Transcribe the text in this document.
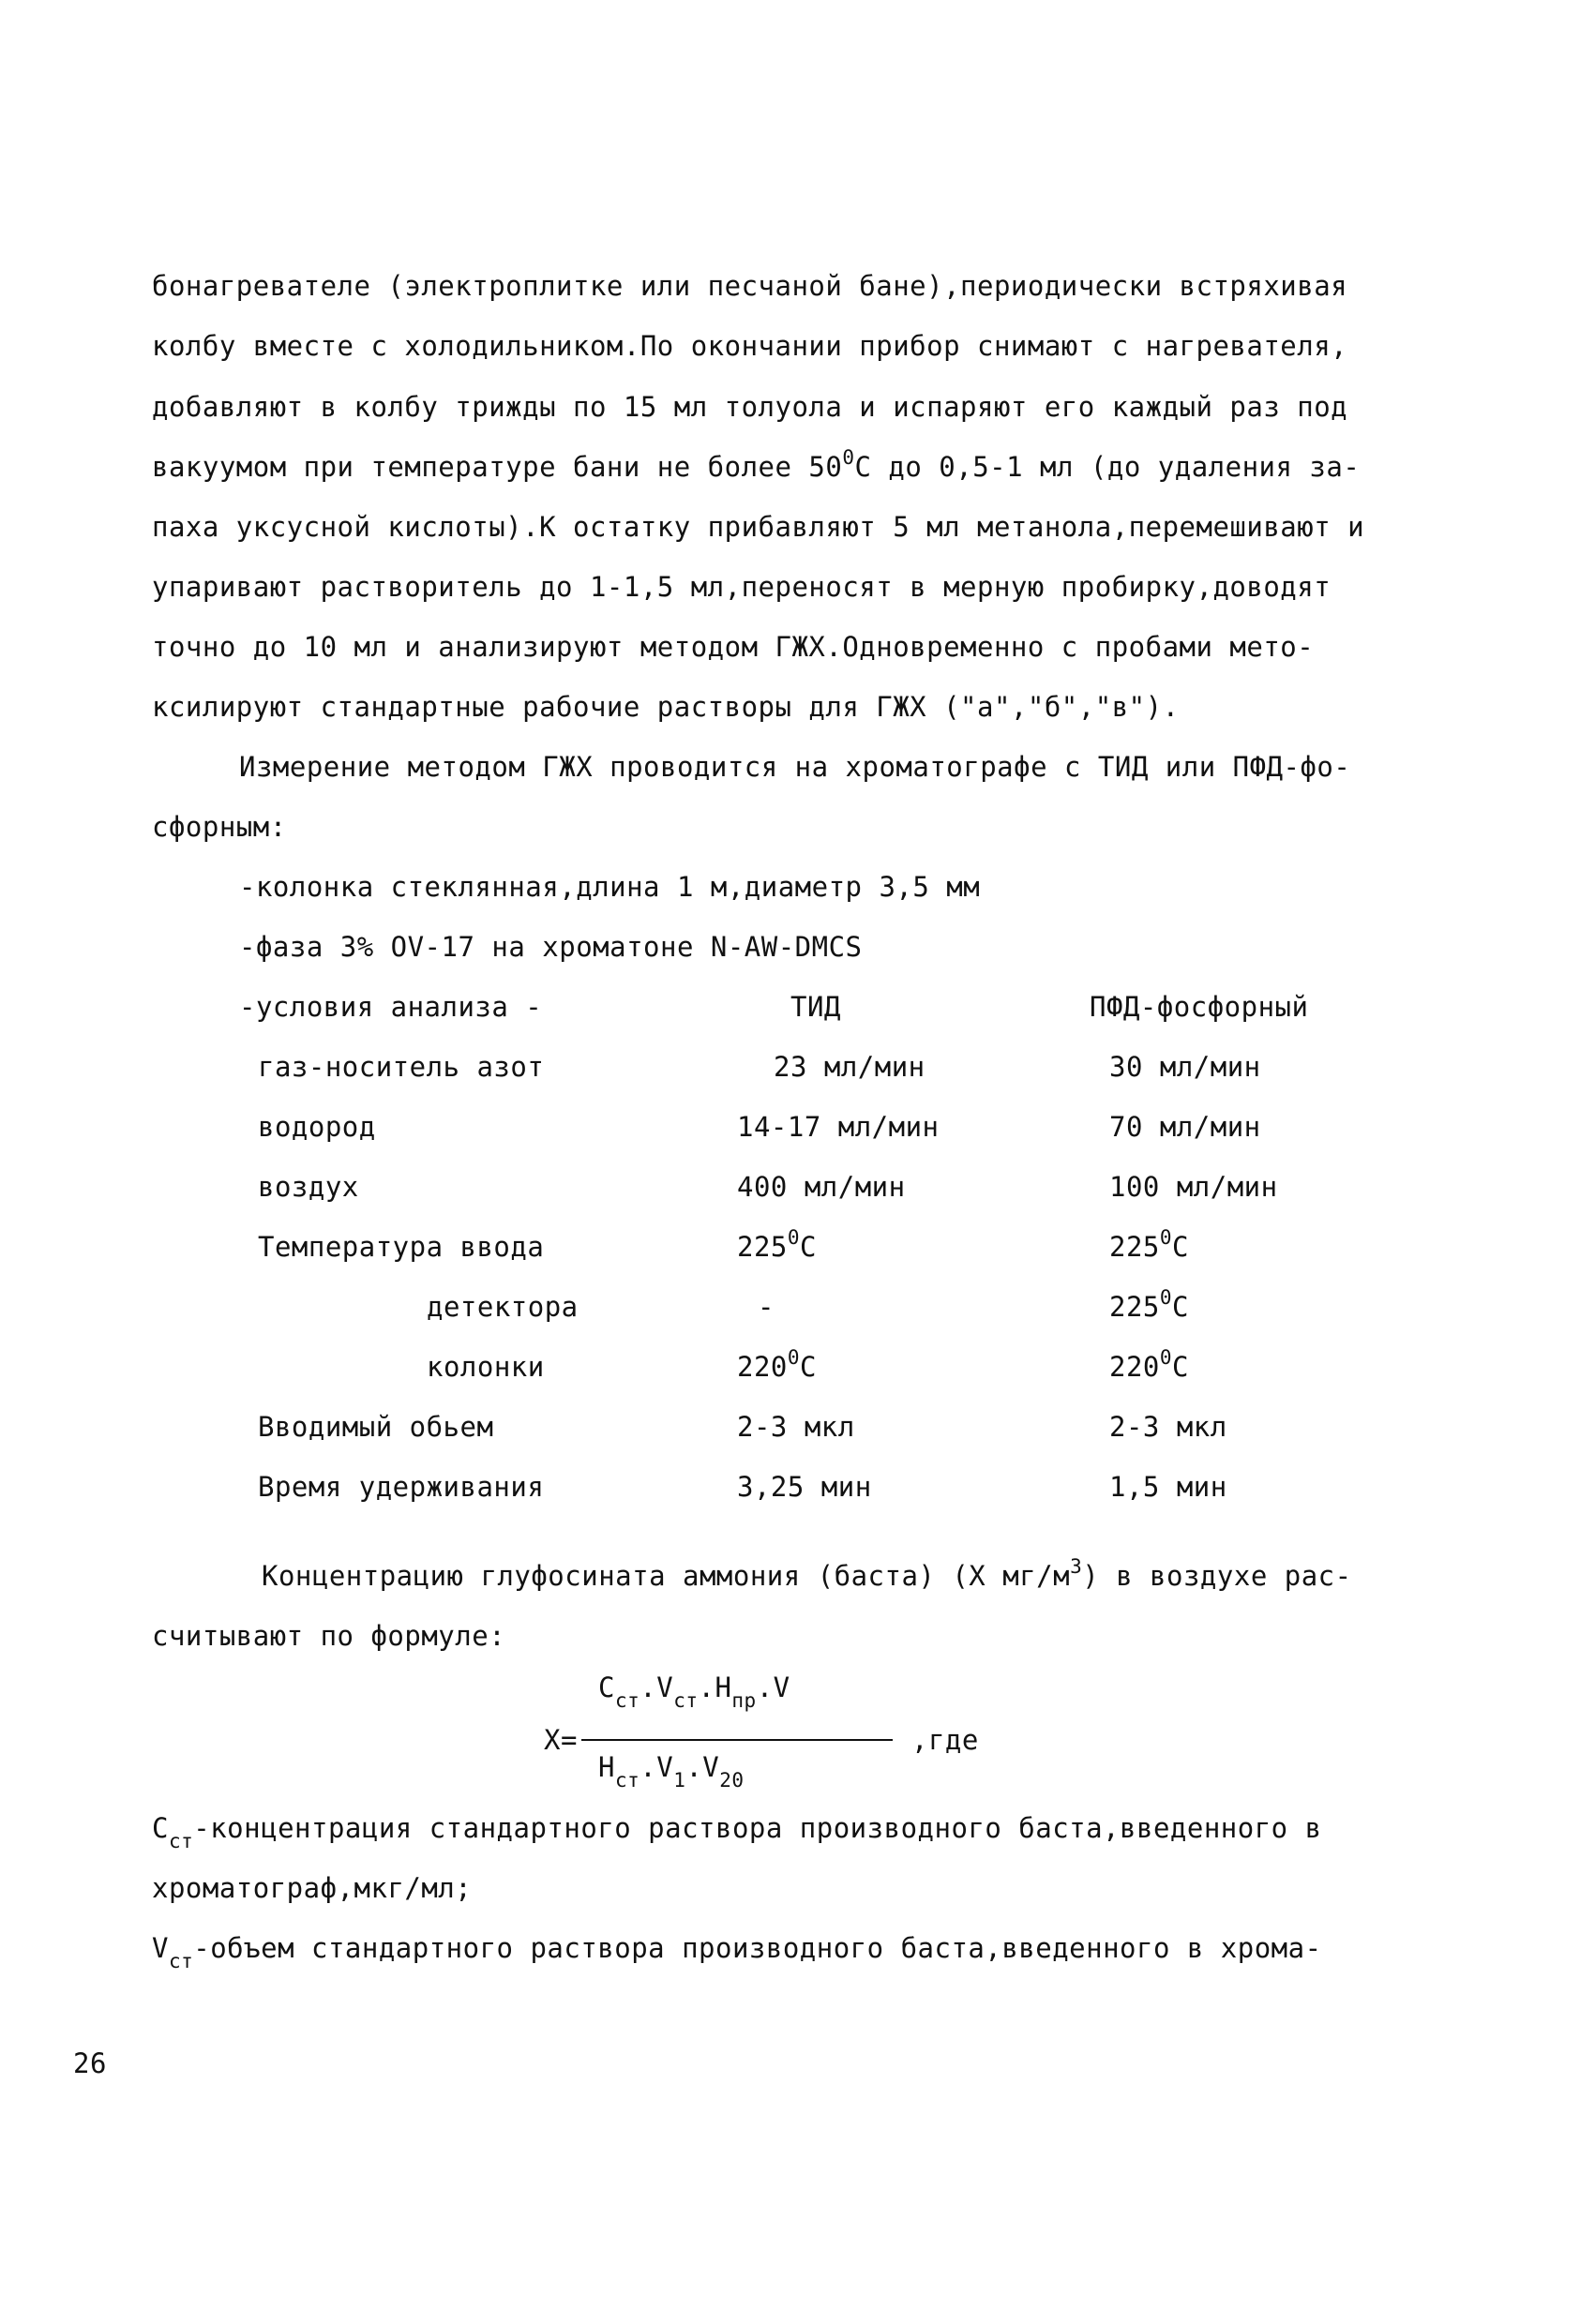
бонагревателе (электроплитке или песчаной бане),периодически встряхивая
колбу вместе с холодильником.По окончании прибор снимают с нагревателя,
добавляют в колбу трижды по 15 мл толуола и испаряют его каждый раз под
вакуумом при температуре бани не более $50^0С$ до 0,5-1 мл (до удаления за-
паха уксусной кислоты).К остатку прибавляют 5 мл метанола,перемешивают и
упаривают растворитель до 1-1,5 мл,переносят в мерную пробирку,доводят
точно до 10 мл и анализируют методом ГЖХ.Одновременно с пробами мето-
ксилируют стандартные рабочие растворы для ГЖХ ("а","б","в").
Измерение методом ГЖХ проводится на хроматографе с ТИД или ПФД-фо-
сфорным:
-колонка стеклянная,длина 1 м,диаметр 3,5 мм
-фаза 3% OV-17 на хроматоне N-AW-DMCS
-условия анализа -	ТИД	ПФД-фосфорный
газ-носитель азот	23 мл/мин	30 мл/мин
водород	14-17 мл/мин	70 мл/мин
воздух	400 мл/мин	100 мл/мин
Температура ввода	$225^0С$	$225^0С$
детектора	-	$225^0С$
колонки	$220^0С$	$220^0С$
Вводимый обьем	2-3 мкл	2-3 мкл
Время удерживания	3,25 мин	1,5 мин
Концентрацию глуфосината аммония (баста) (Х $мг/м^3$) в воздухе рас-
считывают по формуле:
$С_{ст}.V_{ст}.Н_{пр}.V$
Х=	,где
$Н_{ст}.V_1.V_{20}$
$С_{ст}$-концентрация стандартного раствора производного баста,введенного в
хроматограф,мкг/мл;
$V_{ст}$-объем стандартного раствора производного баста,введенного в хрома-
26
